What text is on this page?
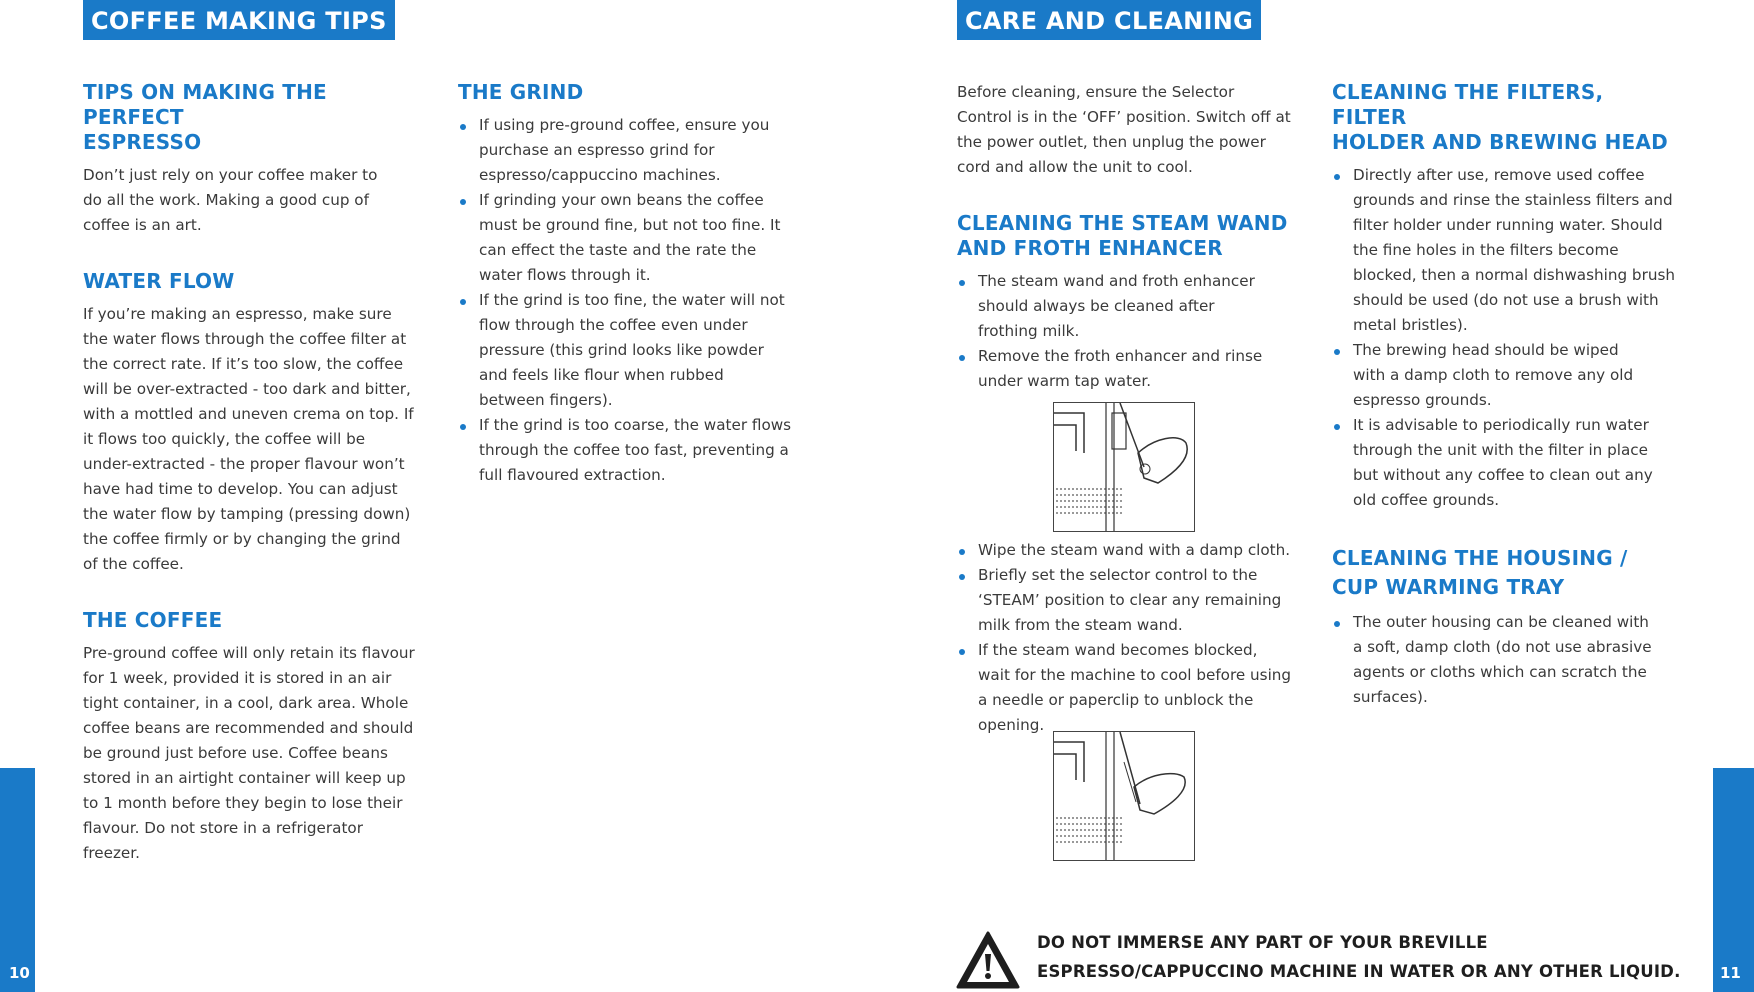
COFFEE MAKING TIPS
TIPS ON MAKING THE PERFECT
ESPRESSO

Don’t just rely on your coffee maker to do all the work. Making a good cup of coffee is an art.

WATER FLOW

If you’re making an espresso, make sure the water flows through the coffee filter at the correct rate. If it’s too slow, the coffee will be over-extracted - too dark and bitter, with a mottled and uneven crema on top. If it flows too quickly, the coffee will be under-extracted - the proper flavour won’t have had time to develop. You can adjust the water flow by tamping (pressing down) the coffee firmly or by changing the grind of the coffee.

THE COFFEE

Pre-ground coffee will only retain its flavour for 1 week, provided it is stored in an air tight container, in a cool, dark area. Whole coffee beans are recommended and should be ground just before use. Coffee beans stored in an airtight container will keep up to 1 month before they begin to lose their flavour. Do not store in a refrigerator freezer.

THE GRIND
If using pre-ground coffee, ensure you purchase an espresso grind for espresso/cappuccino machines.
If grinding your own beans the coffee must be ground fine, but not too fine. It can effect the taste and the rate the water flows through it.
If the grind is too fine, the water will not flow through the coffee even under pressure (this grind looks like powder and feels like flour when rubbed between fingers).
If the grind is too coarse, the water flows through the coffee too fast, preventing a full flavoured extraction.
10
CARE AND CLEANING

Before cleaning, ensure the Selector Control is in the ‘OFF’ position. Switch off at the power outlet, then unplug the power cord and allow the unit to cool.

CLEANING THE STEAM WAND
AND FROTH ENHANCER
The steam wand and froth enhancer should always be cleaned after frothing milk.
Remove the froth enhancer and rinse under warm tap water.
Wipe the steam wand with a damp cloth.
Briefly set the selector control to the ‘STEAM’ position to clear any remaining milk from the steam wand.
If the steam wand becomes blocked, wait for the machine to cool before using a needle or paperclip to unblock the opening.
CLEANING THE FILTERS, FILTER
HOLDER AND BREWING HEAD
Directly after use, remove used coffee grounds and rinse the stainless filters and filter holder under running water. Should the fine holes in the filters become blocked, then a normal dishwashing brush should be used (do not use a brush with metal bristles).
The brewing head should be wiped with a damp cloth to remove any old espresso grounds.
It is advisable to periodically run water through the unit with the filter in place but without any coffee to clean out any old coffee grounds.
CLEANING THE HOUSING /
CUP WARMING TRAY
The outer housing can be cleaned with a soft, damp cloth (do not use abrasive agents or cloths which can scratch the surfaces).
DO NOT IMMERSE ANY PART OF YOUR BREVILLE
ESPRESSO/CAPPUCCINO MACHINE IN WATER OR ANY OTHER LIQUID.	11
